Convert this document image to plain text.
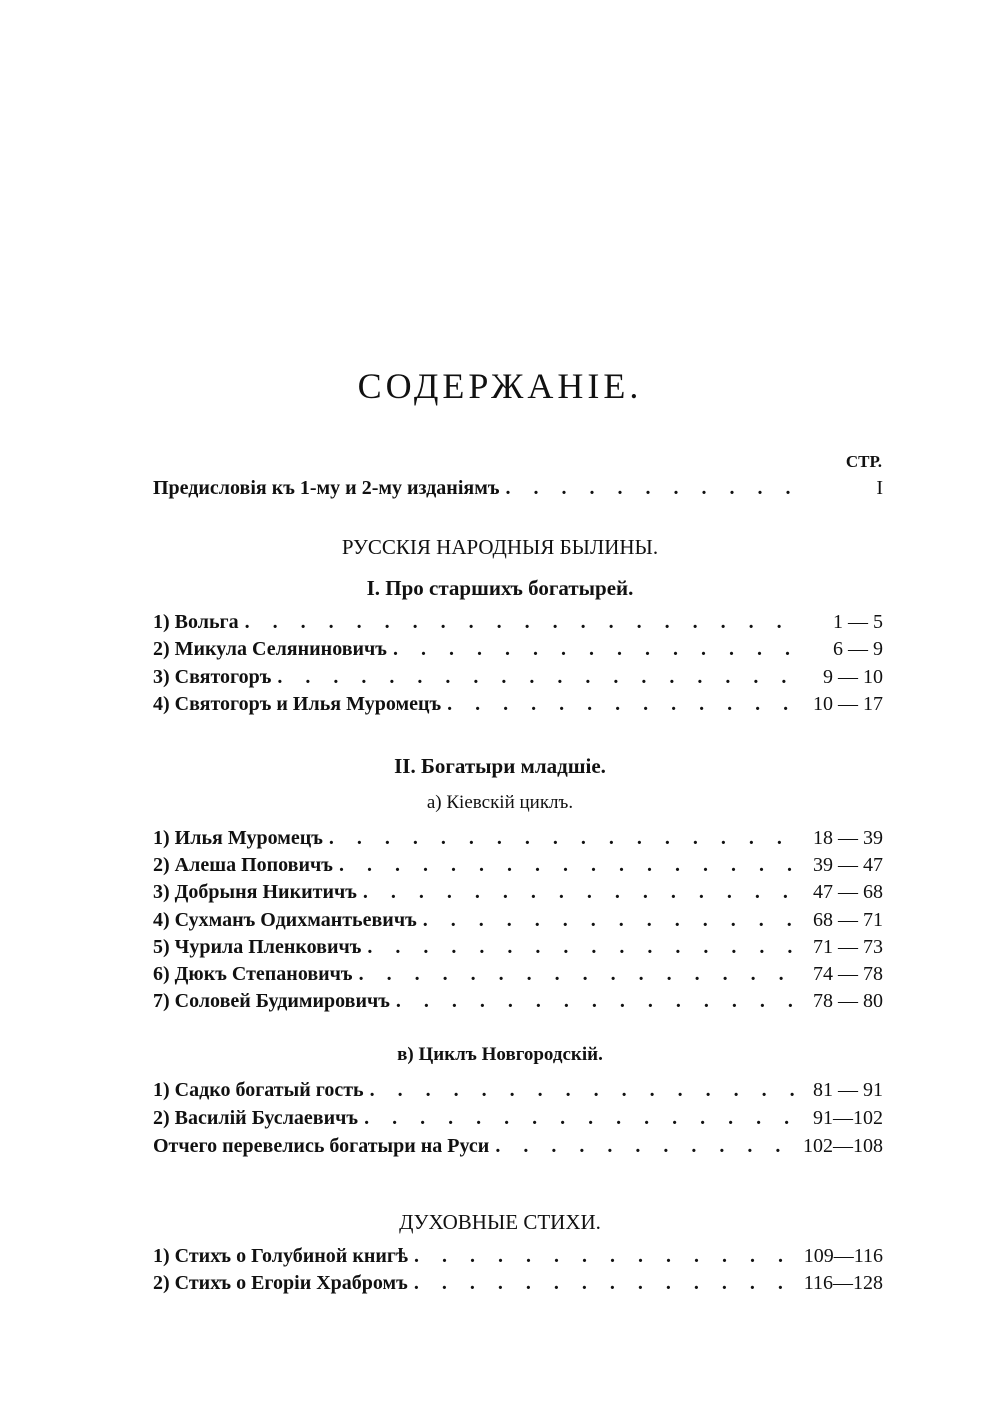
СОДЕРЖАНІЕ.
СТР.
Предисловія къ 1-му и 2-му изданіямъ . . .	I
РУССКІЯ НАРОДНЫЯ БЫЛИНЫ.
I. Про старшихъ богатырей.
II. Богатыри младшіе.
а) Кіевскій циклъ.
в) Циклъ Новгородскій.
ДУХОВНЫЕ СТИХИ.
1) Вольга . . .	1 — 5
2) Микула Селяниновичъ . . .	6 — 9
3) Святогоръ . . .	9 — 10
4) Святогоръ и Илья Муромецъ . . .	10 — 17
1) Илья Муромецъ . . .	18 — 39
2) Алеша Поповичъ . . .	39 — 47
3) Добрыня Никитичъ . . .	47 — 68
4) Сухманъ Одихмантьевичъ . . .	68 — 71
5) Чурила Пленковичъ . . .	71 — 73
6) Дюкъ Степановичъ . . .	74 — 78
7) Соловей Будимировичъ . . .	78 — 80
1) Садко богатый гость . . .	81 — 91
2) Василій Буслаевичъ . . .	91—102
Отчего перевелись богатыри на Руси . . .	102—108
1) Стихъ о Голубиной книгѣ . . .	109—116
2) Стихъ о Егоріи Храбромъ . . .	116—128
